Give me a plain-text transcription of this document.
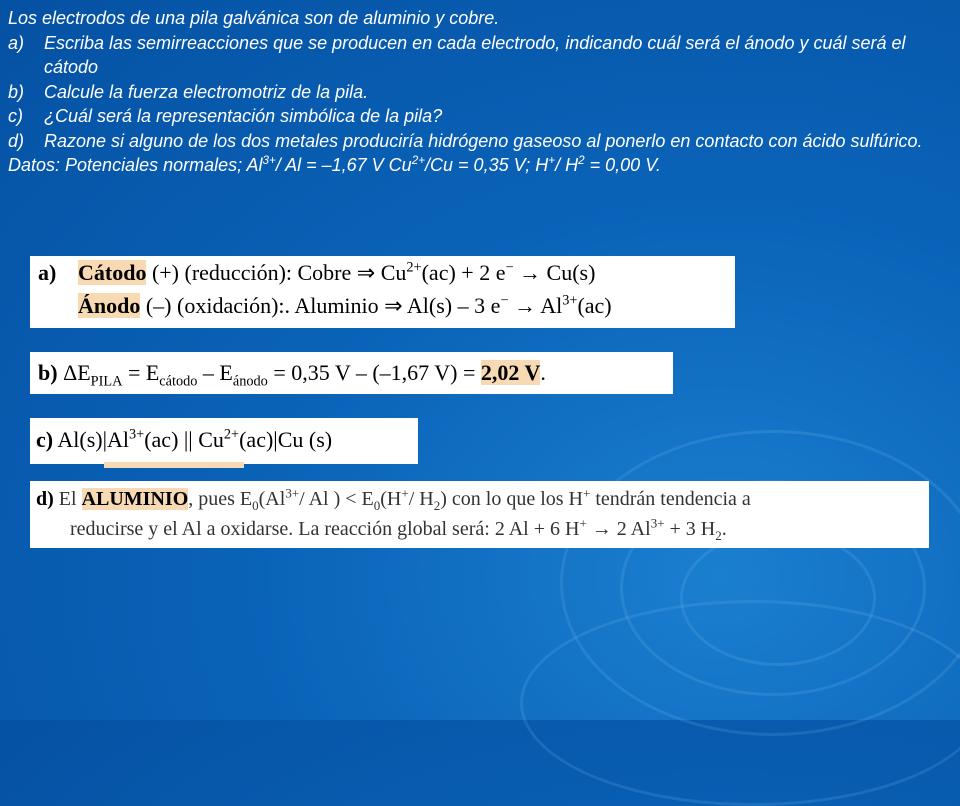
Los electrodos de una pila galvánica son de aluminio y cobre.
a)	Escriba las semirreacciones que se producen en cada electrodo, indicando cuál será el ánodo y cuál será el cátodo
b)	Calcule la fuerza electromotriz de la pila.
c)	¿Cuál será la representación simbólica de la pila?
d)	Razone si alguno de los dos metales produciría hidrógeno gaseoso al ponerlo en contacto con ácido sulfúrico.
Datos: Potenciales normales; $Al^{3+}/$ Al = –1,67 V $Cu^{2+}/Cu = 0,35$ V; H+/ $H^2 = 0,00$ V.
a) Cátodo (+) (reducción): Cobre ⇒ $Cu^{2+}(ac) + 2$ e− → Cu(s)
Ánodo (–) (oxidación):. Aluminio ⇒ Al(s) – 3 $e^- \to Al^{3+}(ac)$
b) $\Delta E_{PILA} = E_{cátodo} - E_{ánodo} = 0,35$ V – (–1,67 V) = 2,02 V.
c) $Al(s)|Al^{3+}(ac)$ || $Cu^{2+}(ac)|Cu$ (s)
d) El ALUMINIO, pues $E_0(Al^{3+}/$ Al ) < $E_0(H^+/$ $H_2$) con lo que los H+ tendrán tendencia a
reducirse y el Al a oxidarse. La reacción global será: 2 Al + 6 H+ → 2 $Al^{3+} + 3$ $H_2$.
